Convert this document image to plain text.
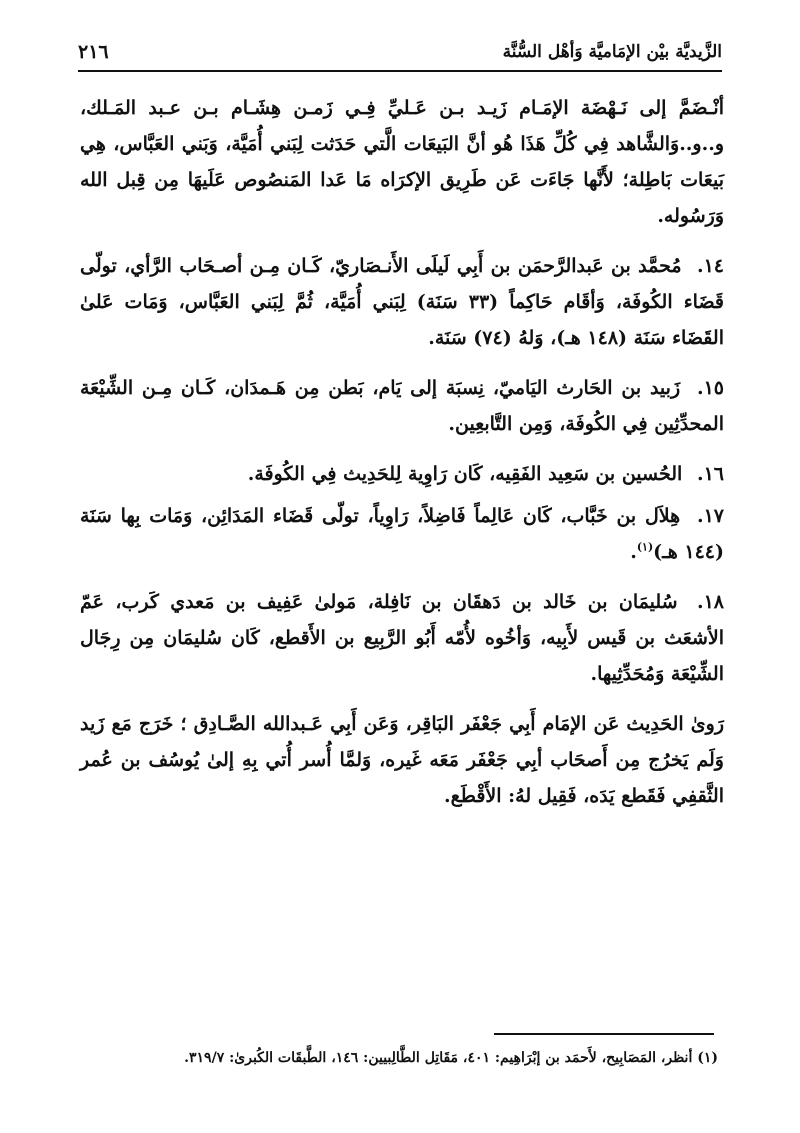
الزَّيديَّة بيْن الإمَاميَّة وَأهْل السُّنَّة
٢١٦

أنْـضَمَّ إلى نَـهْضَة الإمَـام زَيـد بـن عَـليِّ فِـي زَمـن هِشَـام بـن عـبد المَـلك، و..و..وَالشَّاهد فِي كُلِّ هَذَا هُو أنَّ البَيعَات الَّتي حَدَثت لِبَني أُمَيَّة، وَبَني العَبَّاس، هِي بَيعَات بَاطِلة؛ لأَنَّها جَاءَت عَن طَرِيق الإكرَاه مَا عَدا المَنصُوص عَلَيهَا مِن قِبل الله وَرَسُوله.

١٤. مُحمَّد بن عَبدالرَّحمَن بن أَبِي لَيلَى الأَنـصَاريّ، كَـان مِـن أصـحَاب الرَّأي، تولّى قَضَاء الكُوفَة، وَأقَام حَاكِماً (٣٣ سَنَة) لِبَني أُمَيَّة، ثُمَّ لِبَني العَبَّاس، وَمَات عَلىٰ القَضَاء سَنَة (١٤٨ هـ)، وَلهُ (٧٤) سَنَة.

١٥. زَبيد بن الحَارث اليَاميّ، نِسبَة إلى يَام، بَطن مِن هَـمدَان، كَـان مِـن الشِّيْعَة المحدِّثِين فِي الكُوفَة، وَمِن التَّابعِين.

١٦. الحُسين بن سَعِيد الفَقِيه، كَان رَاوِية لِلحَدِيث فِي الكُوفَة.

١٧. هِلاَل بن خَبَّاب، كَان عَالِماً فَاضِلاً، رَاوِياً، تولّى قَضَاء المَدَائِن، وَمَات بِها سَنَة (١٤٤ هـ)$^{(١)}$.

١٨. سُليمَان بن خَالد بن دَهقَان بن نَافِلة، مَولىٰ عَفِيف بن مَعدي كَرب، عَمّ الأشعَث بن قَيس لأَبِيه، وَأخُوه لأُمّه أَبُو الرَّبِيع بن الأَقطع، كَان سُليمَان مِن رِجَال الشِّيْعَة وَمُحَدِّثِيها.

رَوىٰ الحَدِيث عَن الإمَام أَبِي جَعْفَر البَاقِر، وَعَن أَبِي عَـبدالله الصَّـادِق ؛ خَرَج مَع زَيد وَلَم يَخرُج مِن أَصحَاب أبِي جَعْفَر مَعَه غَيره، وَلمَّا أُسر أُتي بِهِ إلىٰ يُوسُف بن عُمر الثَّقفِي فَقَطع يَدَه، فَقِيل لهُ: الأَقْطَع.

(١) أنظر، المَصَابِيح، لأَحمَد بن إبْرَاهِيم: ٤٠١، مَقَاتِل الطَّالِبيين: ١٤٦، الطَّبقَات الكُبرىٰ: ٣١٩/٧.
